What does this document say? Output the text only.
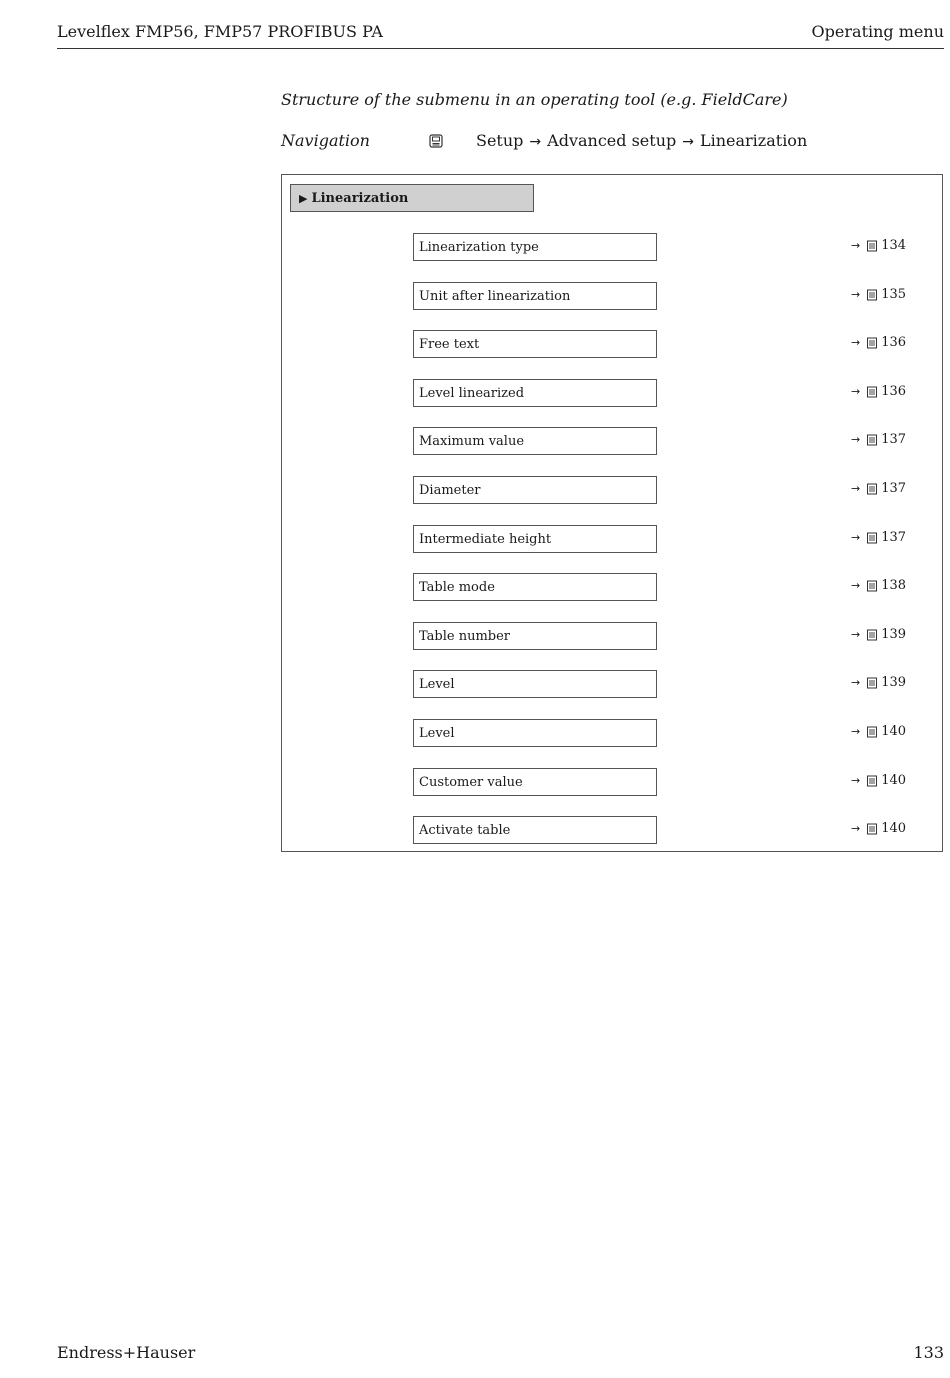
Levelflex FMP56, FMP57 PROFIBUS PA	Operating menu
Structure of the submenu in an operating tool (e.g. FieldCare)
Navigation	Setup → Advanced setup → Linearization
▶ Linearization
Linearization type	→ 134
Unit after linearization	→ 135
Free text	→ 136
Level linearized	→ 136
Maximum value	→ 137
Diameter	→ 137
Intermediate height	→ 137
Table mode	→ 138
Table number	→ 139
Level	→ 139
Level	→ 140
Customer value	→ 140
Activate table	→ 140
Endress+Hauser	133
